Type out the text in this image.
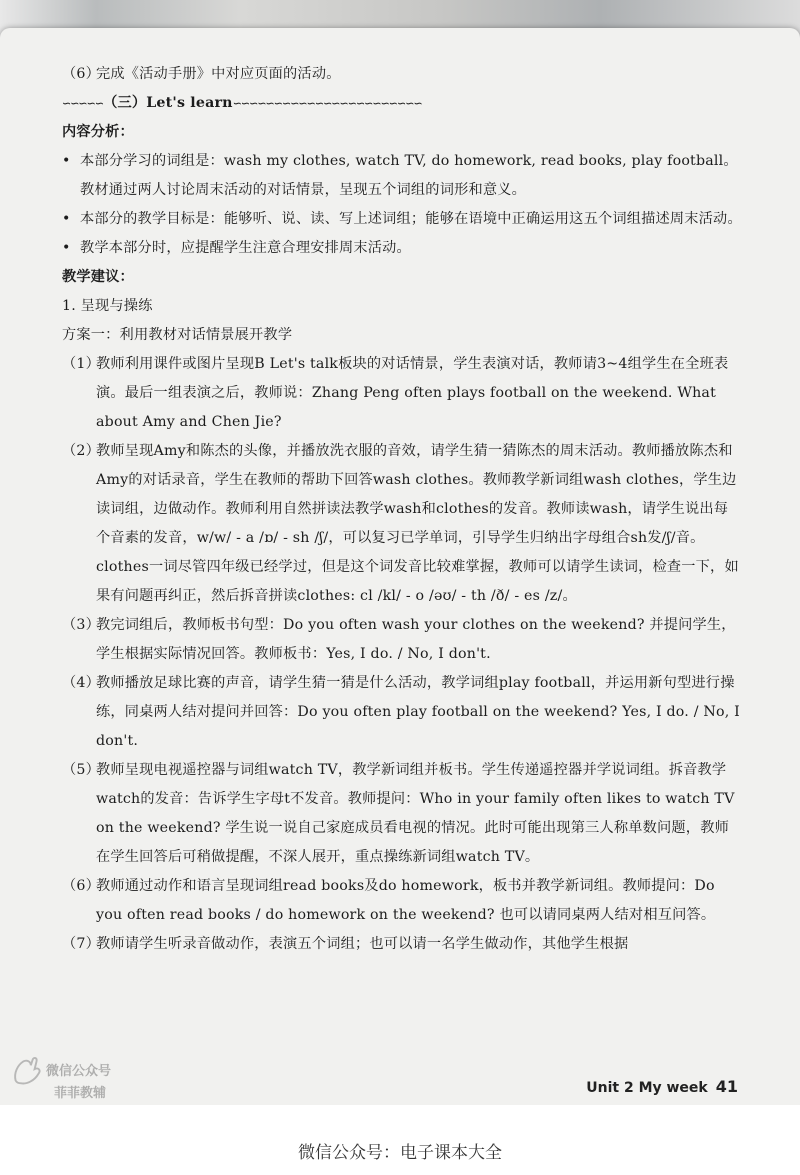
（6）完成《活动手册》中对应页面的活动。

∽∽∽∽∽（三）Let's learn∽∽∽∽∽∽∽∽∽∽∽∽∽∽∽∽∽∽∽∽∽∽∽

内容分析：

• 本部分学习的词组是：wash my clothes, watch TV, do homework, read books, play football。教材通过两人讨论周末活动的对话情景，呈现五个词组的词形和意义。

• 本部分的教学目标是：能够听、说、读、写上述词组；能够在语境中正确运用这五个词组描述周末活动。

• 教学本部分时，应提醒学生注意合理安排周末活动。

教学建议：

1. 呈现与操练

方案一：利用教材对话情景展开教学

（1）教师利用课件或图片呈现B Let's talk板块的对话情景，学生表演对话，教师请3~4组学生在全班表演。最后一组表演之后，教师说：Zhang Peng often plays football on the weekend. What about Amy and Chen Jie?

（2）教师呈现Amy和陈杰的头像，并播放洗衣服的音效，请学生猜一猜陈杰的周末活动。教师播放陈杰和Amy的对话录音，学生在教师的帮助下回答wash clothes。教师教学新词组wash clothes，学生边读词组，边做动作。教师利用自然拼读法教学wash和clothes的发音。教师读wash，请学生说出每个音素的发音，w/w/ - a /ɒ/ - sh /ʃ/，可以复习已学单词，引导学生归纳出字母组合sh发/ʃ/音。clothes一词尽管四年级已经学过，但是这个词发音比较难掌握，教师可以请学生读词，检查一下，如果有问题再纠正，然后拆音拼读clothes: cl /kl/ - o /əʊ/ - th /ð/ - es /z/。

（3）教完词组后，教师板书句型：Do you often wash your clothes on the weekend? 并提问学生，学生根据实际情况回答。教师板书：Yes, I do. / No, I don't.

（4）教师播放足球比赛的声音，请学生猜一猜是什么活动，教学词组play football，并运用新句型进行操练，同桌两人结对提问并回答：Do you often play football on the weekend? Yes, I do. / No, I don't.

（5）教师呈现电视遥控器与词组watch TV，教学新词组并板书。学生传递遥控器并学说词组。拆音教学watch的发音：告诉学生字母t不发音。教师提问：Who in your family often likes to watch TV on the weekend? 学生说一说自己家庭成员看电视的情况。此时可能出现第三人称单数问题，教师在学生回答后可稍做提醒，不深人展开，重点操练新词组watch TV。

（6）教师通过动作和语言呈现词组read books及do homework，板书并教学新词组。教师提问：Do you often read books / do homework on the weekend? 也可以请同桌两人结对相互问答。

（7）教师请学生听录音做动作，表演五个词组；也可以请一名学生做动作，其他学生根据

Unit 2 My week 41
微信公众号
菲菲教辅
微信公众号：电子课本大全
